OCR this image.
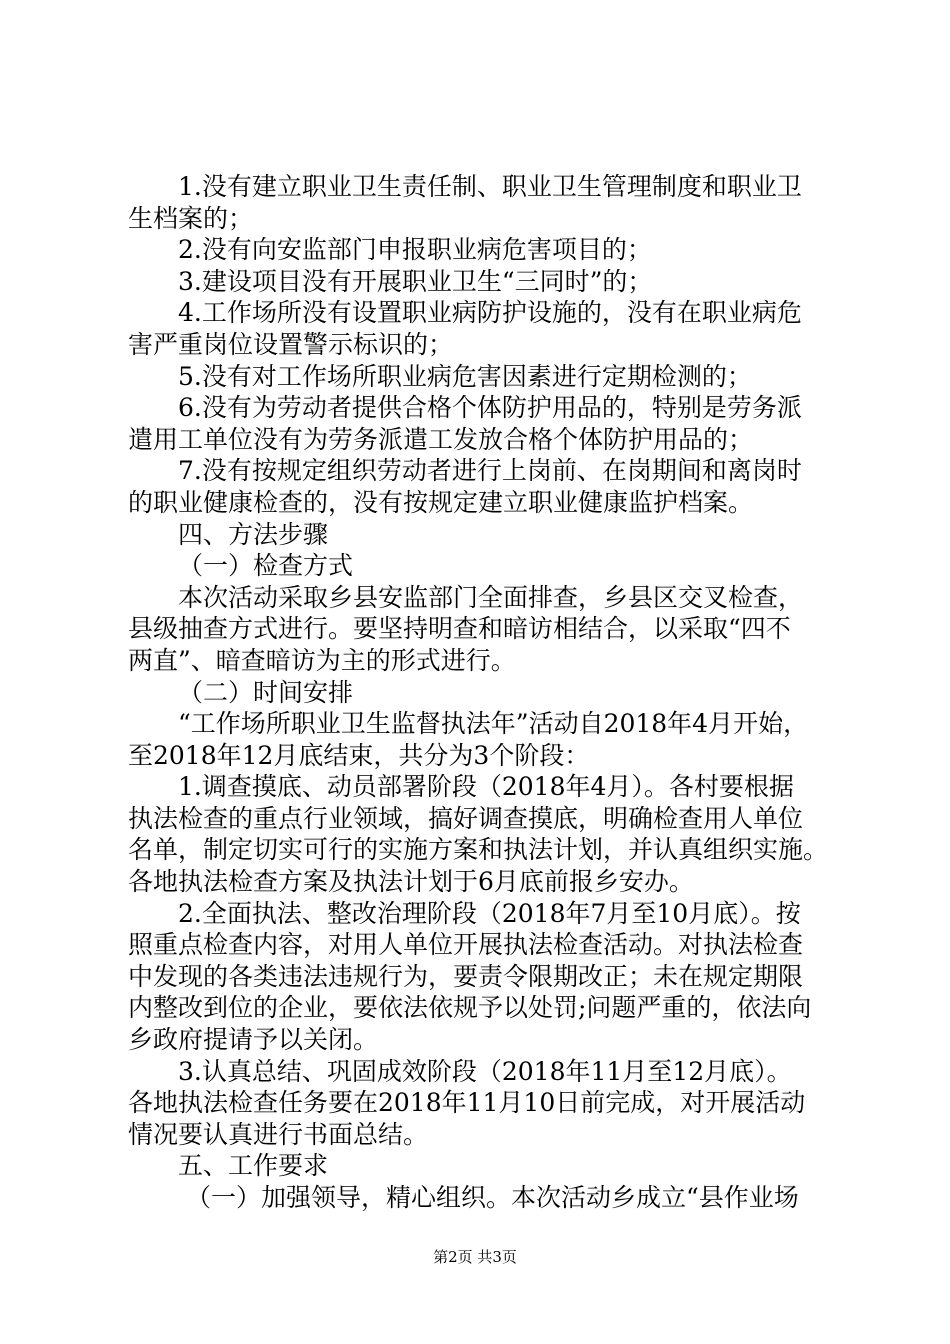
1.没有建立职业卫生责任制、职业卫生管理制度和职业卫
生档案的；
2.没有向安监部门申报职业病危害项目的；
3.建设项目没有开展职业卫生“三同时”的；
4.工作场所没有设置职业病防护设施的，没有在职业病危
害严重岗位设置警示标识的；
5.没有对工作场所职业病危害因素进行定期检测的；
6.没有为劳动者提供合格个体防护用品的，特别是劳务派
遣用工单位没有为劳务派遣工发放合格个体防护用品的；
7.没有按规定组织劳动者进行上岗前、在岗期间和离岗时
的职业健康检查的，没有按规定建立职业健康监护档案。
四、方法步骤
（一）检查方式
本次活动采取乡县安监部门全面排查，乡县区交叉检查，
县级抽查方式进行。要坚持明查和暗访相结合，以采取“四不
两直”、暗查暗访为主的形式进行。
（二）时间安排
“工作场所职业卫生监督执法年”活动自2018年4月开始，
至2018年12月底结束，共分为3个阶段：
1.调查摸底、动员部署阶段（2018年4月）。各村要根据
执法检查的重点行业领域，搞好调查摸底，明确检查用人单位
名单，制定切实可行的实施方案和执法计划，并认真组织实施。
各地执法检查方案及执法计划于6月底前报乡安办。
2.全面执法、整改治理阶段（2018年7月至10月底）。按
照重点检查内容，对用人单位开展执法检查活动。对执法检查
中发现的各类违法违规行为，要责令限期改正；未在规定期限
内整改到位的企业，要依法依规予以处罚;问题严重的，依法向
乡政府提请予以关闭。
3.认真总结、巩固成效阶段（2018年11月至12月底）。
各地执法检查任务要在2018年11月10日前完成，对开展活动
情况要认真进行书面总结。
五、工作要求
（一）加强领导，精心组织。本次活动乡成立“县作业场
第2页 共3页
